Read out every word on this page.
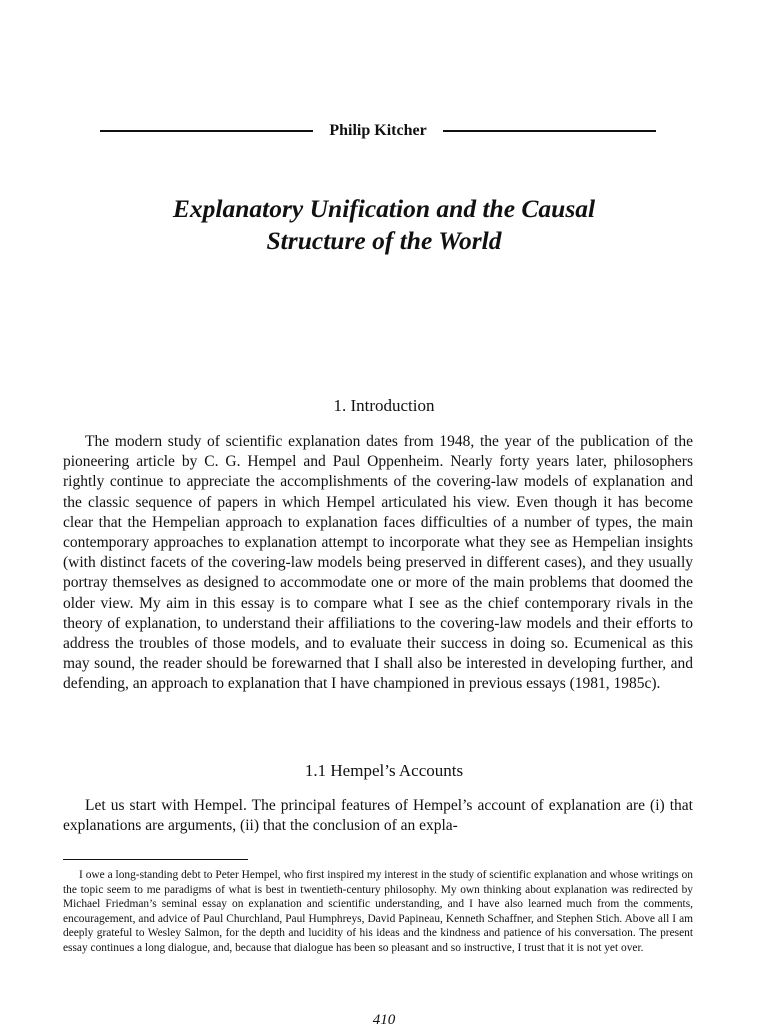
Philip Kitcher
Explanatory Unification and the Causal
Structure of the World
1. Introduction

The modern study of scientific explanation dates from 1948, the year of the publication of the pioneering article by C. G. Hempel and Paul Oppenheim. Nearly forty years later, philosophers rightly continue to appreciate the accomplishments of the covering-law models of explanation and the classic sequence of papers in which Hempel articulated his view. Even though it has become clear that the Hempelian approach to explanation faces difficulties of a number of types, the main contemporary approaches to explanation attempt to incorporate what they see as Hempelian insights (with distinct facets of the covering-law models being preserved in different cases), and they usually portray themselves as designed to accommodate one or more of the main problems that doomed the older view. My aim in this essay is to compare what I see as the chief contemporary rivals in the theory of explanation, to understand their affiliations to the covering-law models and their efforts to address the troubles of those models, and to evaluate their success in doing so. Ecumenical as this may sound, the reader should be forewarned that I shall also be interested in developing further, and defending, an approach to explanation that I have championed in previous essays (1981, 1985c).

1.1 Hempel’s Accounts

Let us start with Hempel. The principal features of Hempel’s account of explanation are (i) that explanations are arguments, (ii) that the conclusion of an expla-

I owe a long-standing debt to Peter Hempel, who first inspired my interest in the study of scientific explanation and whose writings on the topic seem to me paradigms of what is best in twentieth-century philosophy. My own thinking about explanation was redirected by Michael Friedman’s seminal essay on explanation and scientific understanding, and I have also learned much from the comments, encouragement, and advice of Paul Churchland, Paul Humphreys, David Papineau, Kenneth Schaffner, and Stephen Stich. Above all I am deeply grateful to Wesley Salmon, for the depth and lucidity of his ideas and the kindness and patience of his conversation. The present essay continues a long dialogue, and, because that dialogue has been so pleasant and so instructive, I trust that it is not yet over.

410
